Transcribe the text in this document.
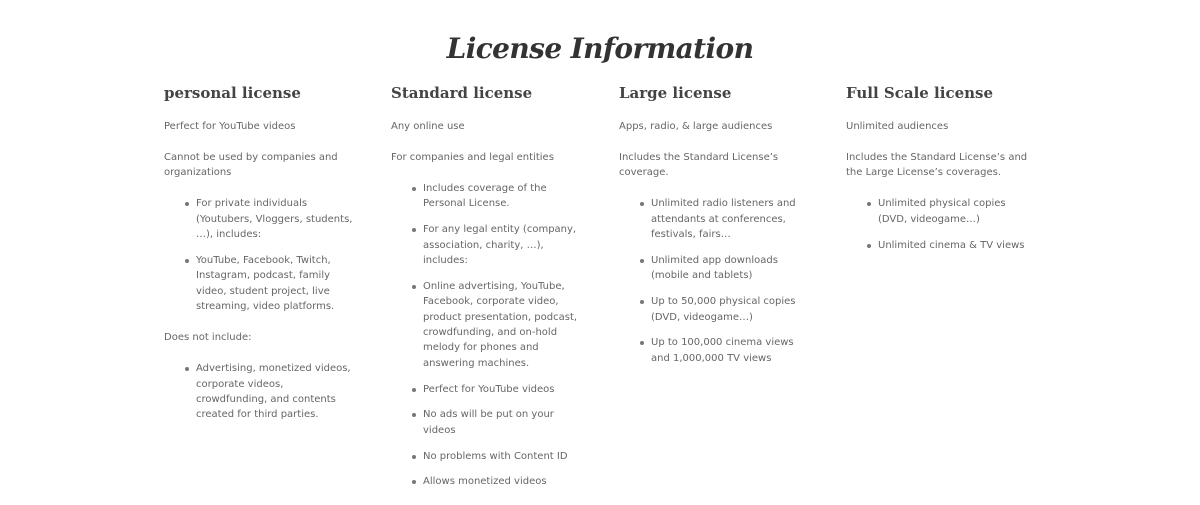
License Information
personal license

Perfect for YouTube videos

Cannot be used by companies and organizations

For private individuals (Youtubers, Vloggers, students, …), includes:
YouTube, Facebook, Twitch, Instagram, podcast, family video, student project, live streaming, video platforms.

Does not include:

Advertising, monetized videos, corporate videos, crowdfunding, and contents created for third parties.
Standard license

Any online use

For companies and legal entities

Includes coverage of the Personal License.
For any legal entity (company, association, charity, …), includes:
Online advertising, YouTube, Facebook, corporate video, product presentation, podcast, crowdfunding, and on-hold melody for phones and answering machines.
Perfect for YouTube videos
No ads will be put on your videos
No problems with Content ID
Allows monetized videos
Large license

Apps, radio, & large audiences

Includes the Standard License’s coverage.

Unlimited radio listeners and attendants at conferences, festivals, fairs…
Unlimited app downloads (mobile and tablets)
Up to 50,000 physical copies (DVD, videogame…)
Up to 100,000 cinema views and 1,000,000 TV views
Full Scale license

Unlimited audiences

Includes the Standard License’s and the Large License’s coverages.

Unlimited physical copies (DVD, videogame…)
Unlimited cinema & TV views
